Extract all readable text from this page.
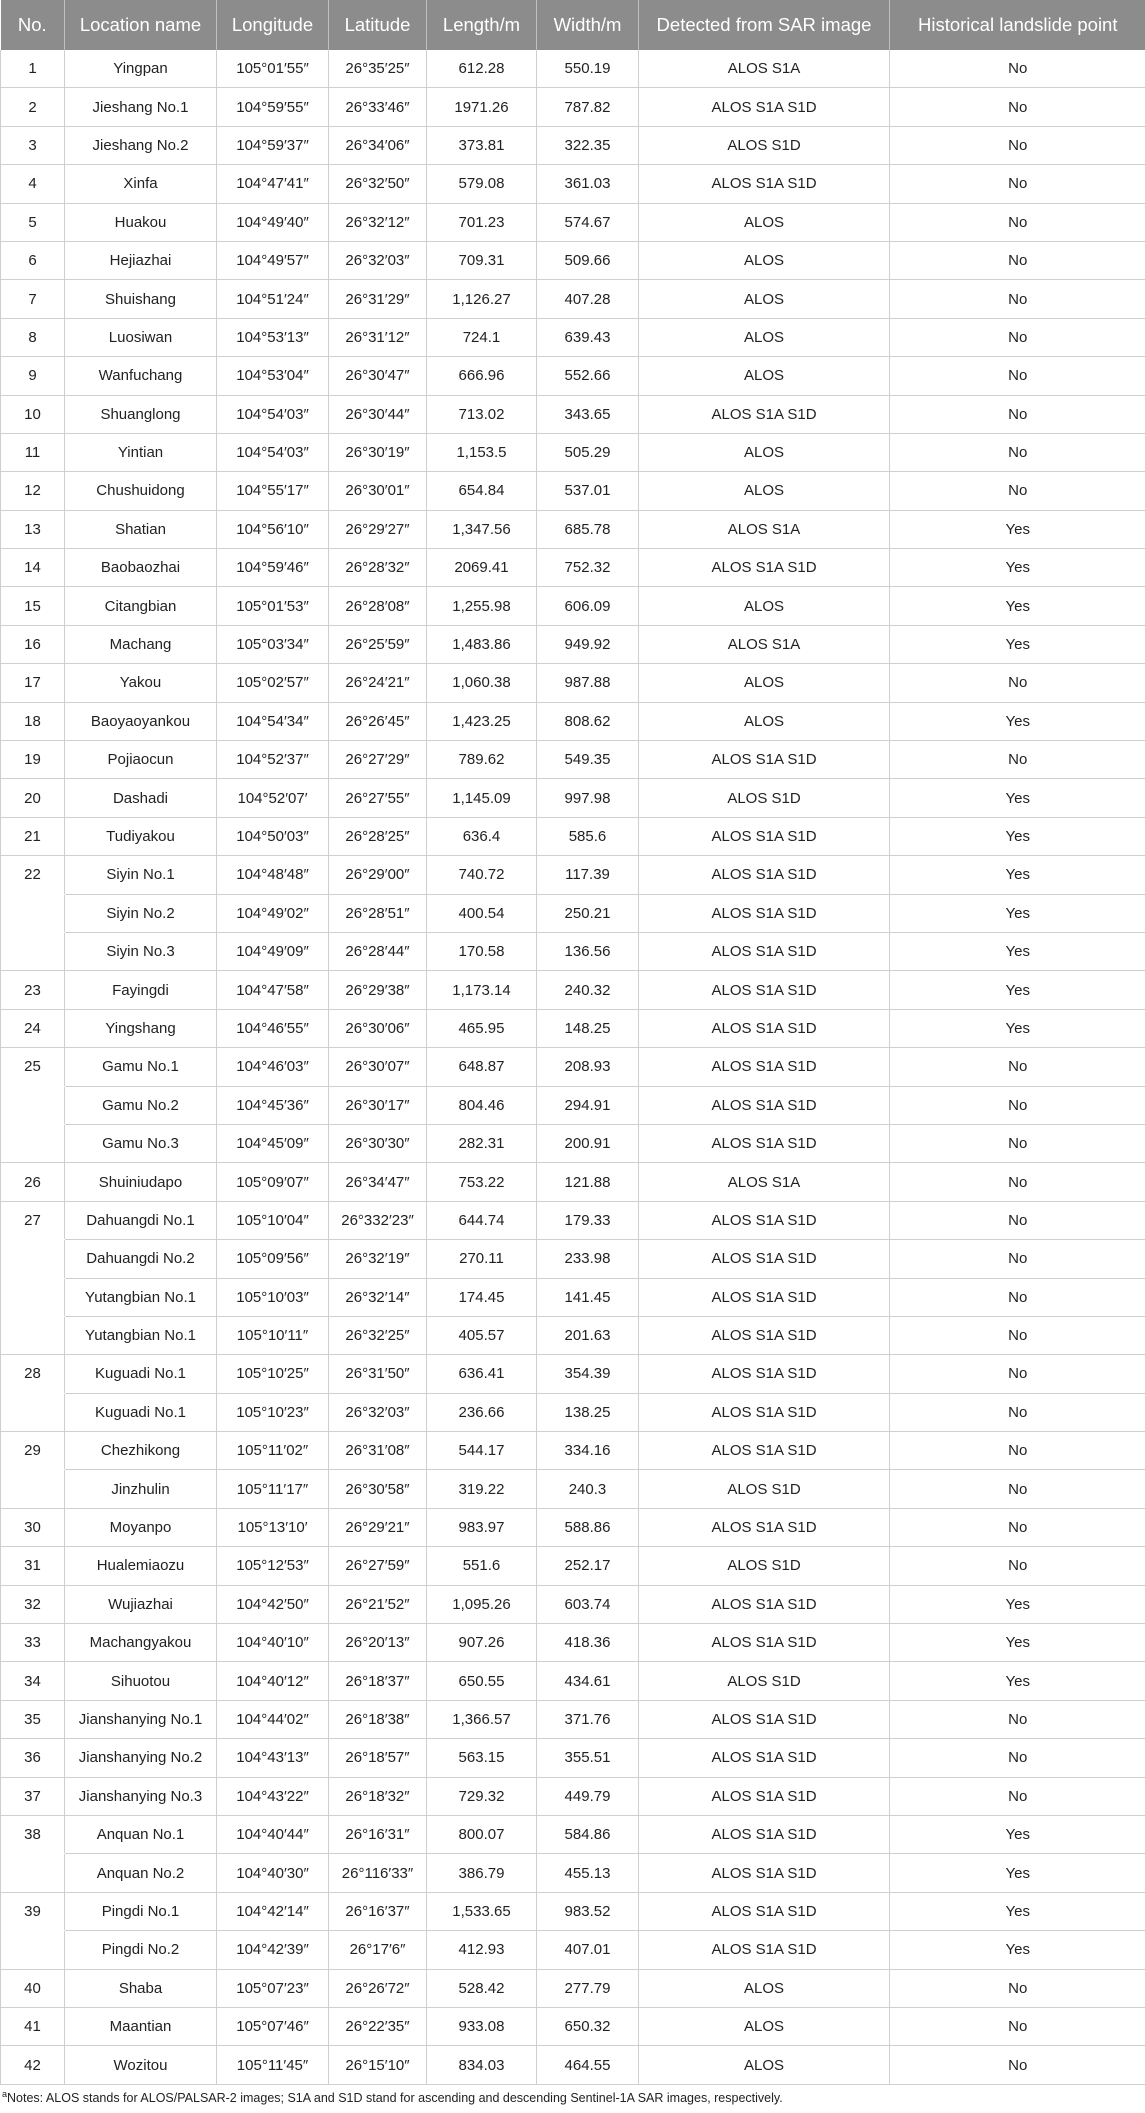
No.	Location name	Longitude	Latitude	Length/m	Width/m	Detected from SAR image	Historical landslide point
1	Yingpan	105°01′55″	26°35′25″	612.28	550.19	ALOS S1A	No
2	Jieshang No.1	104°59′55″	26°33′46″	1971.26	787.82	ALOS S1A S1D	No
3	Jieshang No.2	104°59′37″	26°34′06″	373.81	322.35	ALOS S1D	No
4	Xinfa	104°47′41″	26°32′50″	579.08	361.03	ALOS S1A S1D	No
5	Huakou	104°49′40″	26°32′12″	701.23	574.67	ALOS	No
6	Hejiazhai	104°49′57″	26°32′03″	709.31	509.66	ALOS	No
7	Shuishang	104°51′24″	26°31′29″	1,126.27	407.28	ALOS	No
8	Luosiwan	104°53′13″	26°31′12″	724.1	639.43	ALOS	No
9	Wanfuchang	104°53′04″	26°30′47″	666.96	552.66	ALOS	No
10	Shuanglong	104°54′03″	26°30′44″	713.02	343.65	ALOS S1A S1D	No
11	Yintian	104°54′03″	26°30′19″	1,153.5	505.29	ALOS	No
12	Chushuidong	104°55′17″	26°30′01″	654.84	537.01	ALOS	No
13	Shatian	104°56′10″	26°29′27″	1,347.56	685.78	ALOS S1A	Yes
14	Baobaozhai	104°59′46″	26°28′32″	2069.41	752.32	ALOS S1A S1D	Yes
15	Citangbian	105°01′53″	26°28′08″	1,255.98	606.09	ALOS	Yes
16	Machang	105°03′34″	26°25′59″	1,483.86	949.92	ALOS S1A	Yes
17	Yakou	105°02′57″	26°24′21″	1,060.38	987.88	ALOS	No
18	Baoyaoyankou	104°54′34″	26°26′45″	1,423.25	808.62	ALOS	Yes
19	Pojiaocun	104°52′37″	26°27′29″	789.62	549.35	ALOS S1A S1D	No
20	Dashadi	104°52′07′	26°27′55″	1,145.09	997.98	ALOS S1D	Yes
21	Tudiyakou	104°50′03″	26°28′25″	636.4	585.6	ALOS S1A S1D	Yes
22	Siyin No.1	104°48′48″	26°29′00″	740.72	117.39	ALOS S1A S1D	Yes
	Siyin No.2	104°49′02″	26°28′51″	400.54	250.21	ALOS S1A S1D	Yes
	Siyin No.3	104°49′09″	26°28′44″	170.58	136.56	ALOS S1A S1D	Yes
23	Fayingdi	104°47′58″	26°29′38″	1,173.14	240.32	ALOS S1A S1D	Yes
24	Yingshang	104°46′55″	26°30′06″	465.95	148.25	ALOS S1A S1D	Yes
25	Gamu No.1	104°46′03″	26°30′07″	648.87	208.93	ALOS S1A S1D	No
	Gamu No.2	104°45′36″	26°30′17″	804.46	294.91	ALOS S1A S1D	No
	Gamu No.3	104°45′09″	26°30′30″	282.31	200.91	ALOS S1A S1D	No
26	Shuiniudapo	105°09′07″	26°34′47″	753.22	121.88	ALOS S1A	No
27	Dahuangdi No.1	105°10′04″	26°332′23″	644.74	179.33	ALOS S1A S1D	No
	Dahuangdi No.2	105°09′56″	26°32′19″	270.11	233.98	ALOS S1A S1D	No
	Yutangbian No.1	105°10′03″	26°32′14″	174.45	141.45	ALOS S1A S1D	No
	Yutangbian No.1	105°10′11″	26°32′25″	405.57	201.63	ALOS S1A S1D	No
28	Kuguadi No.1	105°10′25″	26°31′50″	636.41	354.39	ALOS S1A S1D	No
	Kuguadi No.1	105°10′23″	26°32′03″	236.66	138.25	ALOS S1A S1D	No
29	Chezhikong	105°11′02″	26°31′08″	544.17	334.16	ALOS S1A S1D	No
	Jinzhulin	105°11′17″	26°30′58″	319.22	240.3	ALOS S1D	No
30	Moyanpo	105°13′10′	26°29′21″	983.97	588.86	ALOS S1A S1D	No
31	Hualemiaozu	105°12′53″	26°27′59″	551.6	252.17	ALOS S1D	No
32	Wujiazhai	104°42′50″	26°21′52″	1,095.26	603.74	ALOS S1A S1D	Yes
33	Machangyakou	104°40′10″	26°20′13″	907.26	418.36	ALOS S1A S1D	Yes
34	Sihuotou	104°40′12″	26°18′37″	650.55	434.61	ALOS S1D	Yes
35	Jianshanying No.1	104°44′02″	26°18′38″	1,366.57	371.76	ALOS S1A S1D	No
36	Jianshanying No.2	104°43′13″	26°18′57″	563.15	355.51	ALOS S1A S1D	No
37	Jianshanying No.3	104°43′22″	26°18′32″	729.32	449.79	ALOS S1A S1D	No
38	Anquan No.1	104°40′44″	26°16′31″	800.07	584.86	ALOS S1A S1D	Yes
	Anquan No.2	104°40′30″	26°116′33″	386.79	455.13	ALOS S1A S1D	Yes
39	Pingdi No.1	104°42′14″	26°16′37″	1,533.65	983.52	ALOS S1A S1D	Yes
	Pingdi No.2	104°42′39″	26°17′6″	412.93	407.01	ALOS S1A S1D	Yes
40	Shaba	105°07′23″	26°26′72″	528.42	277.79	ALOS	No
41	Maantian	105°07′46″	26°22′35″	933.08	650.32	ALOS	No
42	Wozitou	105°11′45″	26°15′10″	834.03	464.55	ALOS	No
$^a$Notes: ALOS stands for ALOS/PALSAR-2 images; S1A and S1D stand for ascending and descending Sentinel-1A SAR images, respectively.
